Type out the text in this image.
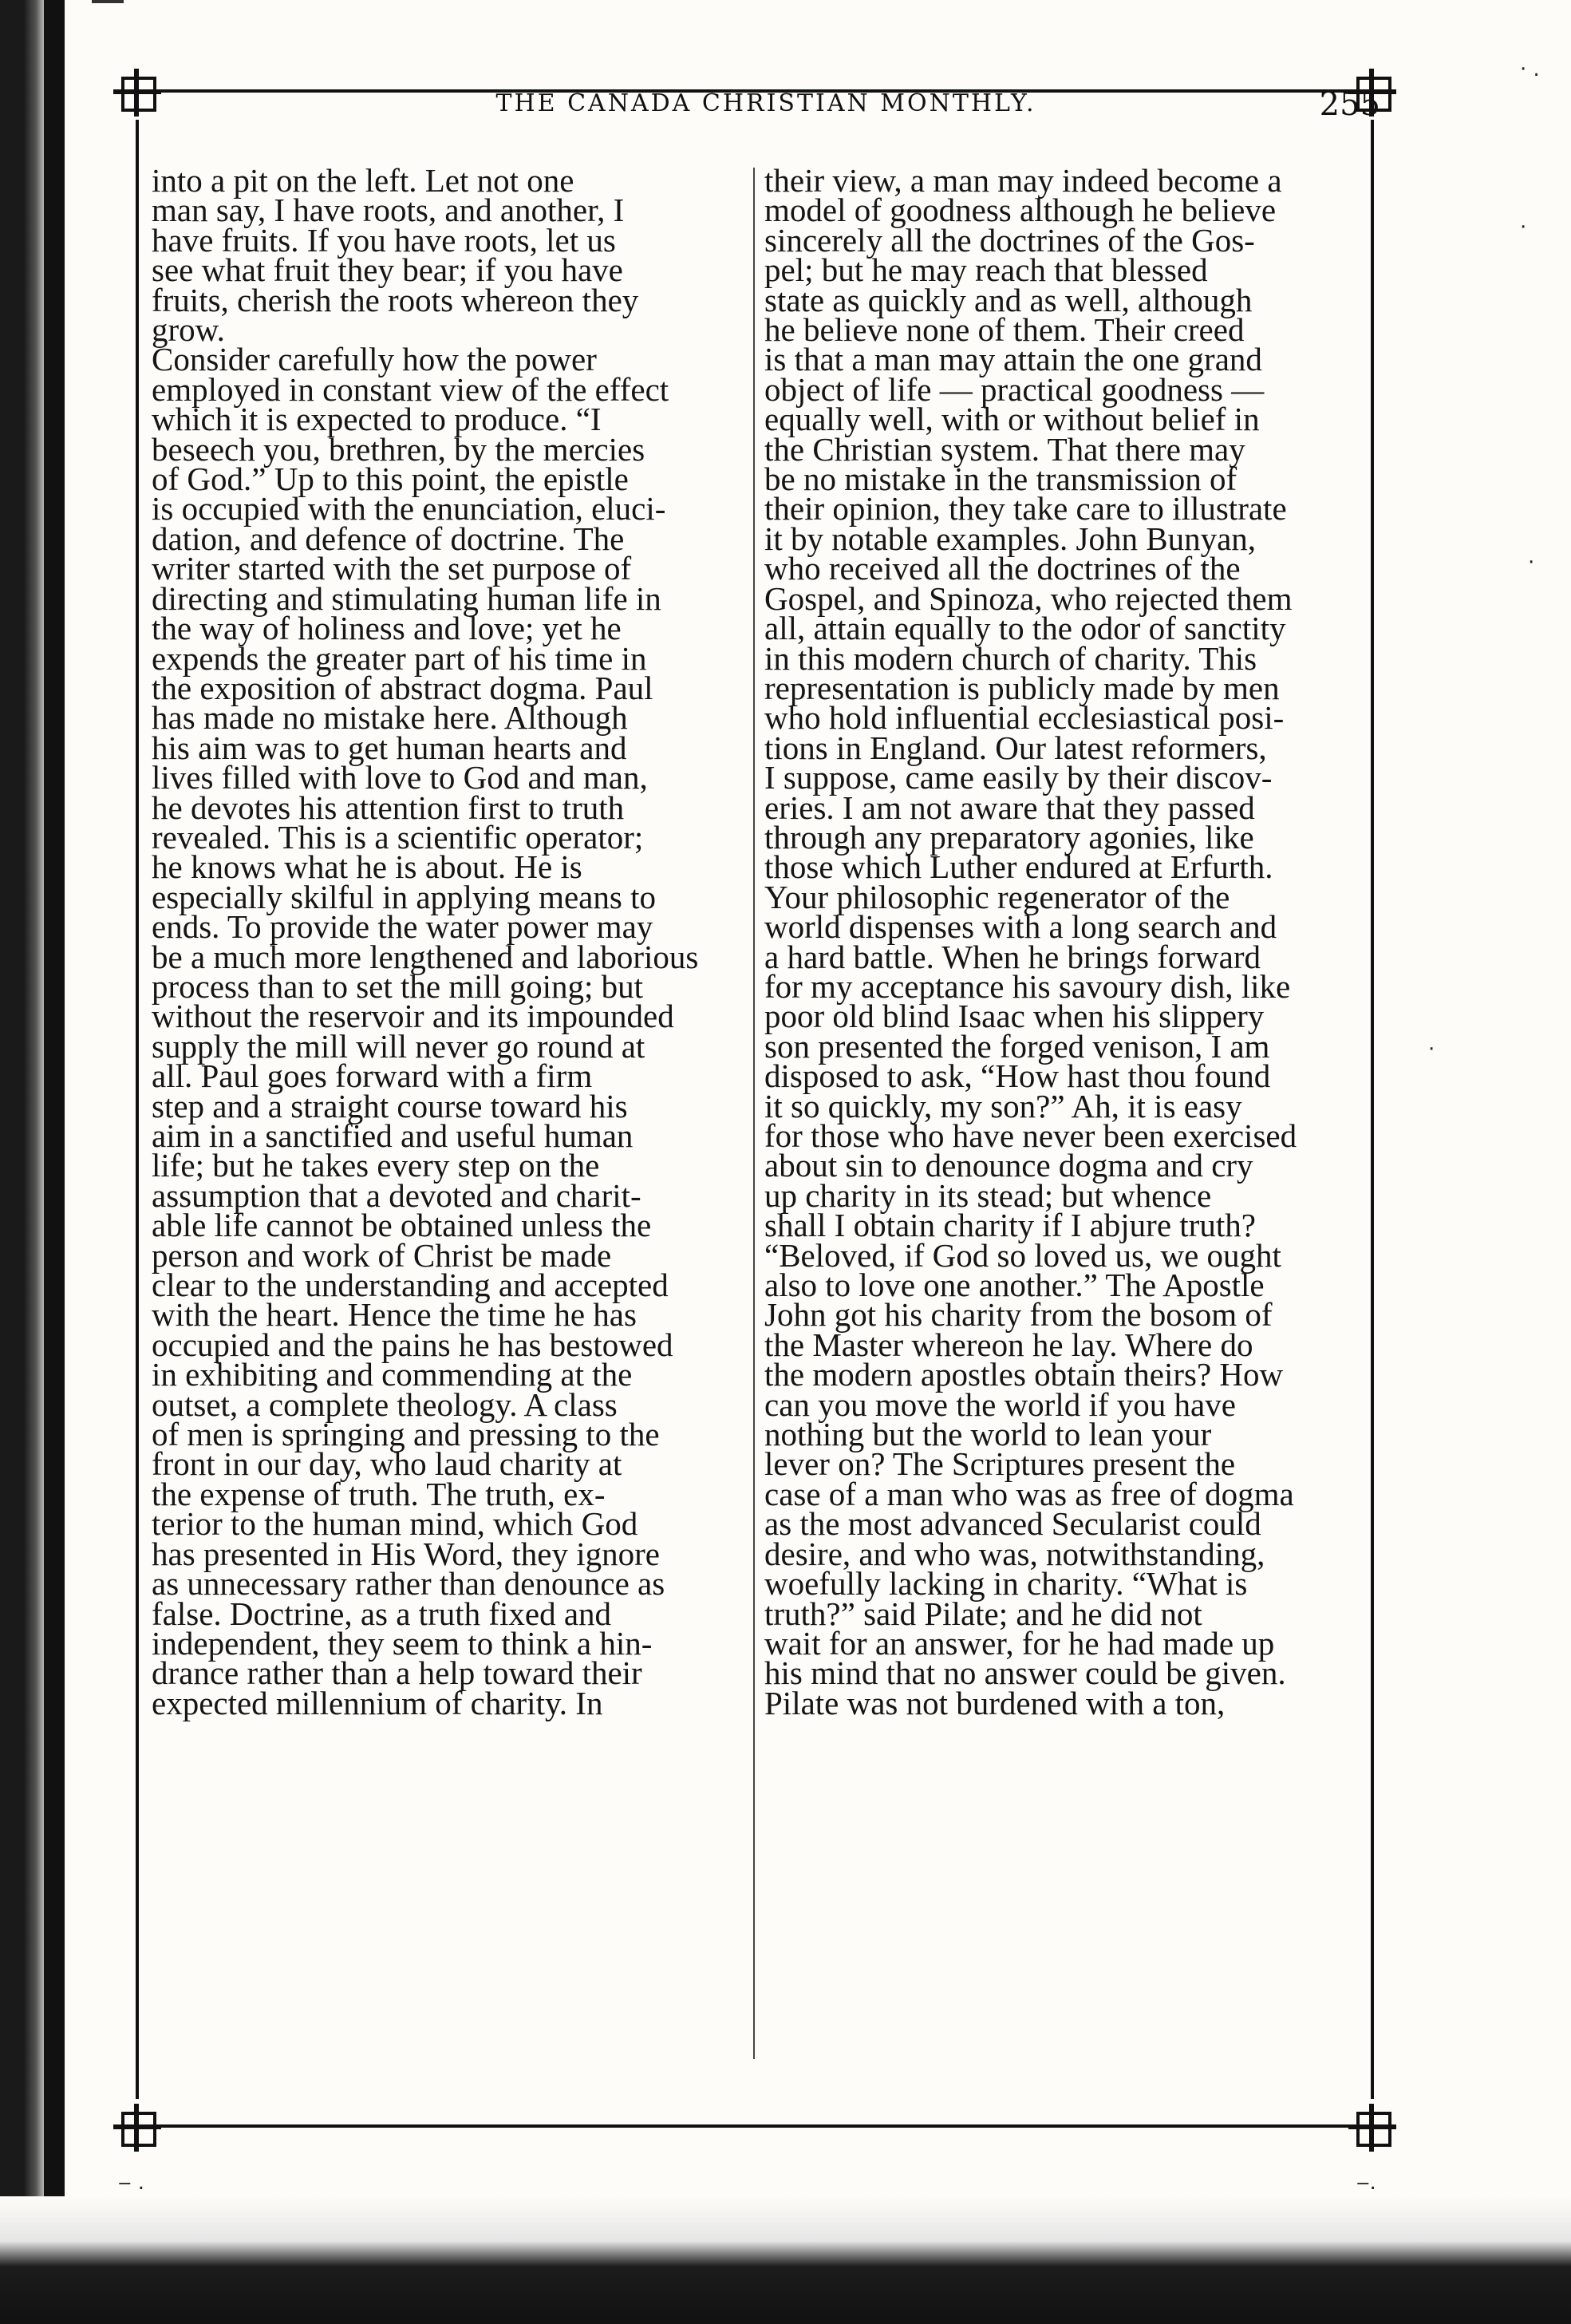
THE CANADA CHRISTIAN MONTHLY.	255

into a pit on the left. Let not one
man say, I have roots, and another, I
have fruits. If you have roots, let us
see what fruit they bear; if you have
fruits, cherish the roots whereon they
grow.
Consider carefully how the power
employed in constant view of the effect
which it is expected to produce. “I
beseech you, brethren, by the mercies
of God.” Up to this point, the epistle
is occupied with the enunciation, eluci-
dation, and defence of doctrine. The
writer started with the set purpose of
directing and stimulating human life in
the way of holiness and love; yet he
expends the greater part of his time in
the exposition of abstract dogma. Paul
has made no mistake here. Although
his aim was to get human hearts and
lives filled with love to God and man,
he devotes his attention first to truth
revealed. This is a scientific operator;
he knows what he is about. He is
especially skilful in applying means to
ends. To provide the water power may
be a much more lengthened and laborious
process than to set the mill going; but
without the reservoir and its impounded
supply the mill will never go round at
all. Paul goes forward with a firm
step and a straight course toward his
aim in a sanctified and useful human
life; but he takes every step on the
assumption that a devoted and charit-
able life cannot be obtained unless the
person and work of Christ be made
clear to the understanding and accepted
with the heart. Hence the time he has
occupied and the pains he has bestowed
in exhibiting and commending at the
outset, a complete theology. A class
of men is springing and pressing to the
front in our day, who laud charity at
the expense of truth. The truth, ex-
terior to the human mind, which God
has presented in His Word, they ignore
as unnecessary rather than denounce as
false. Doctrine, as a truth fixed and
independent, they seem to think a hin-
drance rather than a help toward their
expected millennium of charity. In

their view, a man may indeed become a
model of goodness although he believe
sincerely all the doctrines of the Gos-
pel; but he may reach that blessed
state as quickly and as well, although
he believe none of them. Their creed
is that a man may attain the one grand
object of life — practical goodness —
equally well, with or without belief in
the Christian system. That there may
be no mistake in the transmission of
their opinion, they take care to illustrate
it by notable examples. John Bunyan,
who received all the doctrines of the
Gospel, and Spinoza, who rejected them
all, attain equally to the odor of sanctity
in this modern church of charity. This
representation is publicly made by men
who hold influential ecclesiastical posi-
tions in England. Our latest reformers,
I suppose, came easily by their discov-
eries. I am not aware that they passed
through any preparatory agonies, like
those which Luther endured at Erfurth.
Your philosophic regenerator of the
world dispenses with a long search and
a hard battle. When he brings forward
for my acceptance his savoury dish, like
poor old blind Isaac when his slippery
son presented the forged venison, I am
disposed to ask, “How hast thou found
it so quickly, my son?” Ah, it is easy
for those who have never been exercised
about sin to denounce dogma and cry
up charity in its stead; but whence
shall I obtain charity if I abjure truth?
“Beloved, if God so loved us, we ought
also to love one another.” The Apostle
John got his charity from the bosom of
the Master whereon he lay. Where do
the modern apostles obtain theirs? How
can you move the world if you have
nothing but the world to lean your
lever on? The Scriptures present the
case of a man who was as free of dogma
as the most advanced Secularist could
desire, and who was, notwithstanding,
woefully lacking in charity. “What is
truth?” said Pilate; and he did not
wait for an answer, for he had made up
his mind that no answer could be given.
Pilate was not burdened with a ton,

· .
·
·
·
‒ .	‒.
